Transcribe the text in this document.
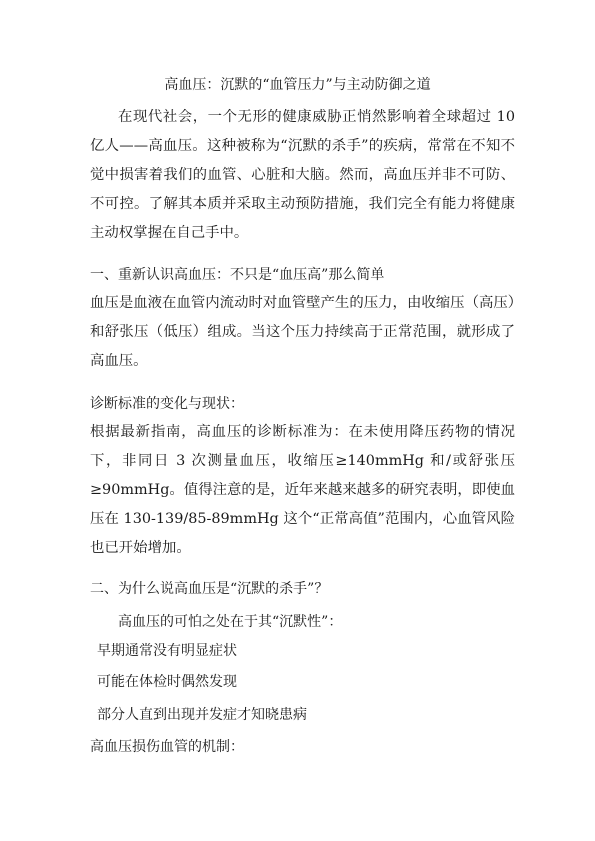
高血压：沉默的“血管压力”与主动防御之道

在现代社会，一个无形的健康威胁正悄然影响着全球超过 10 亿人——高血压。这种被称为“沉默的杀手”的疾病，常常在不知不觉中损害着我们的血管、心脏和大脑。然而，高血压并非不可防、不可控。了解其本质并采取主动预防措施，我们完全有能力将健康主动权掌握在自己手中。

一、重新认识高血压：不只是“血压高”那么简单

血压是血液在血管内流动时对血管壁产生的压力，由收缩压（高压）和舒张压（低压）组成。当这个压力持续高于正常范围，就形成了高血压。

诊断标准的变化与现状：

根据最新指南，高血压的诊断标准为：在未使用降压药物的情况下，非同日 3 次测量血压，收缩压≥140mmHg 和/或舒张压≥90mmHg。值得注意的是，近年来越来越多的研究表明，即使血压在 130-139/85-89mmHg 这个“正常高值”范围内，心血管风险也已开始增加。

二、为什么说高血压是“沉默的杀手”？
高血压的可怕之处在于其“沉默性”：
早期通常没有明显症状
可能在体检时偶然发现
部分人直到出现并发症才知晓患病
高血压损伤血管的机制：
